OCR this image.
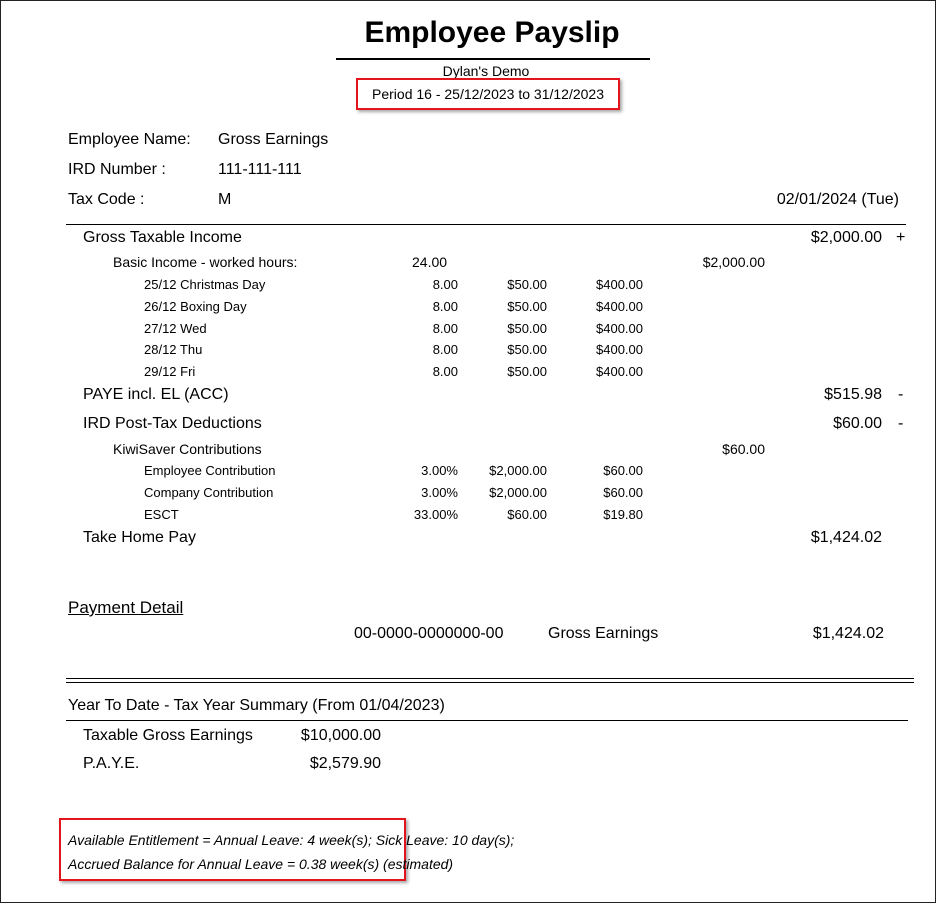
Employee Payslip
Dylan's Demo
Period 16 - 25/12/2023 to 31/12/2023
Employee Name: Gross Earnings
IRD Number :	111-111-111
Tax Code :	M	02/01/2024 (Tue)
Gross Taxable Income	$2,000.00 +
Basic Income - worked hours:	24.00	$2,000.00
25/12 Christmas Day	8.00	$50.00	$400.00
26/12 Boxing Day	8.00	$50.00	$400.00
27/12 Wed	8.00	$50.00	$400.00
28/12 Thu	8.00	$50.00	$400.00
29/12 Fri	8.00	$50.00	$400.00
PAYE incl. EL (ACC)	$515.98 -
IRD Post-Tax Deductions	$60.00 -
KiwiSaver Contributions	$60.00
Employee Contribution	3.00% $2,000.00	$60.00
Company Contribution	3.00% $2,000.00	$60.00
ESCT	33.00%	$60.00	$19.80
Take Home Pay	$1,424.02
Payment Detail
00-0000-0000000-00	Gross Earnings	$1,424.02
Year To Date - Tax Year Summary (From 01/04/2023)
Taxable Gross Earnings	$10,000.00
P.A.Y.E.	$2,579.90
Available Entitlement = Annual Leave: 4 week(s); Sick Leave: 10 day(s);
Accrued Balance for Annual Leave = 0.38 week(s) (estimated)
